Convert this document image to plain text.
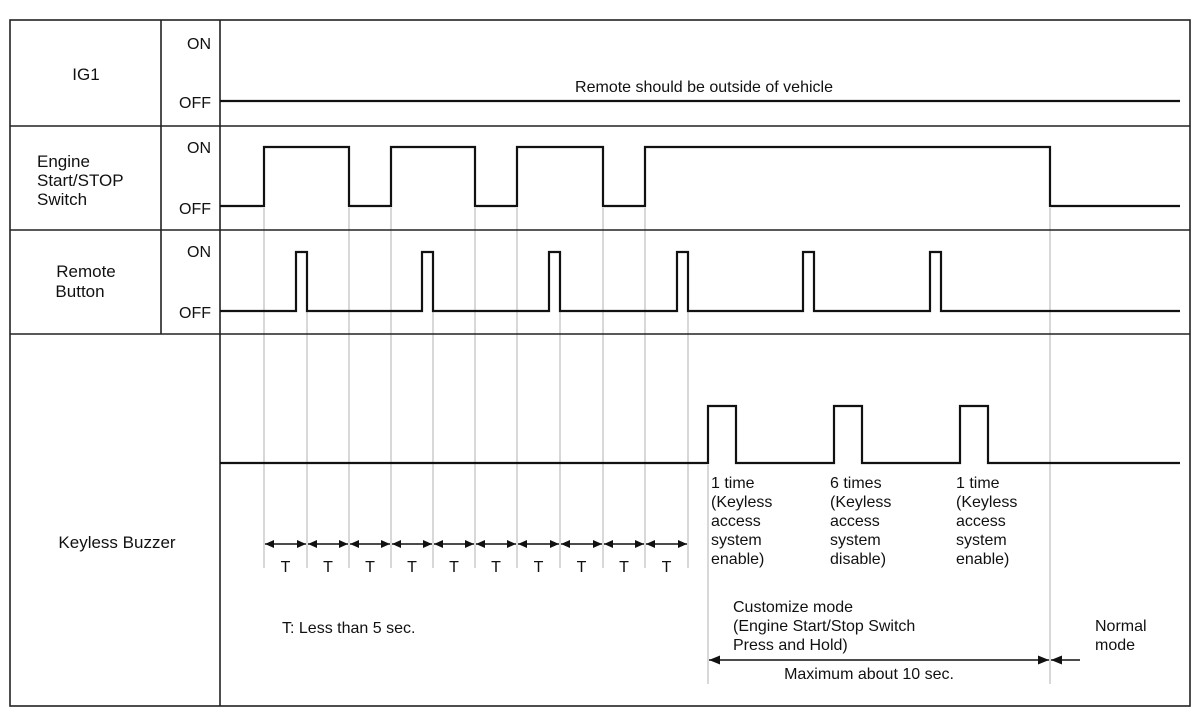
IG1
Engine
Start/STOP
Switch
Remote
Button
Keyless Buzzer
ON
OFF
ON
OFF
ON
OFF
Remote should be outside of vehicle
T T T T T T T T T T
T: Less than 5 sec.
1 time
(Keyless
access
system
enable)
6 times
(Keyless
access
system
disable)
1 time
(Keyless
access
system
enable)
Customize mode
(Engine Start/Stop Switch
Press and Hold)
Maximum about 10 sec.
Normal
mode
